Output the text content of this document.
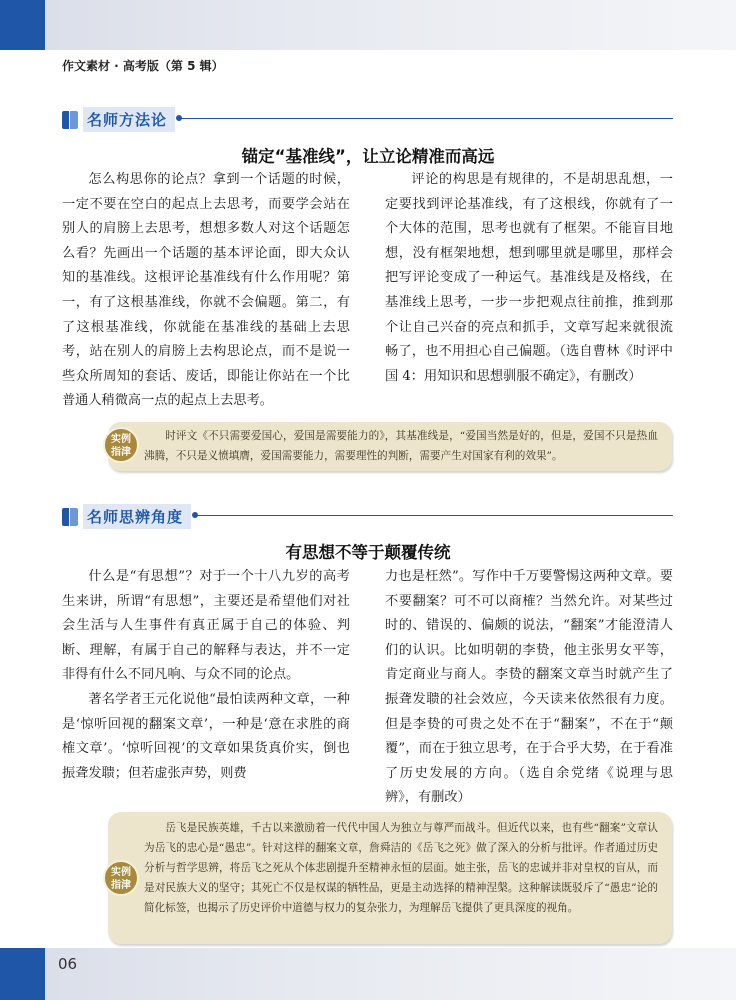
作文素材 · 高考版（第 5 辑）
名师方法论
锚定“基准线”，让立论精准而高远

怎么构思你的论点？拿到一个话题的时候，一定不要在空白的起点上去思考，而要学会站在别人的肩膀上去思考，想想多数人对这个话题怎么看？先画出一个话题的基本评论面，即大众认知的基准线。这根评论基准线有什么作用呢？第一，有了这根基准线，你就不会偏题。第二，有了这根基准线，你就能在基准线的基础上去思考，站在别人的肩膀上去构思论点，而不是说一些众所周知的套话、废话，即能让你站在一个比普通人稍微高一点的起点上去思考。

评论的构思是有规律的，不是胡思乱想，一定要找到评论基准线，有了这根线，你就有了一个大体的范围，思考也就有了框架。不能盲目地想，没有框架地想，想到哪里就是哪里，那样会把写评论变成了一种运气。基准线是及格线，在基准线上思考，一步一步把观点往前推，推到那个让自己兴奋的亮点和抓手，文章写起来就很流畅了，也不用担心自己偏题。（选自曹林《时评中国 4：用知识和思想驯服不确定》，有删改）

时评文《不只需要爱国心，爱国是需要能力的》，其基准线是，“爱国当然是好的，但是，爱国不只是热血沸腾，不只是义愤填膺，爱国需要能力，需要理性的判断，需要产生对国家有利的效果”。

实例
指津
名师思辨角度
有思想不等于颠覆传统

什么是“有思想”？对于一个十八九岁的高考生来讲，所谓“有思想”，主要还是希望他们对社会生活与人生事件有真正属于自己的体验、判断、理解，有属于自己的解释与表达，并不一定非得有什么不同凡响、与众不同的论点。

著名学者王元化说他“最怕读两种文章，一种是‘惊听回视的翻案文章’，一种是‘意在求胜的商榷文章’。‘惊听回视’的文章如果货真价实，倒也振聋发聩；但若虚张声势，则费

力也是枉然”。写作中千万要警惕这两种文章。要不要翻案？可不可以商榷？当然允许。对某些过时的、错误的、偏颇的说法，“翻案”才能澄清人们的认识。比如明朝的李贽，他主张男女平等，肯定商业与商人。李贽的翻案文章当时就产生了振聋发聩的社会效应，今天读来依然很有力度。但是李贽的可贵之处不在于“翻案”，不在于“颠覆”，而在于独立思考，在于合乎大势，在于看准了历史发展的方向。（选自余党绪《说理与思辨》，有删改）

岳飞是民族英雄，千古以来激励着一代代中国人为独立与尊严而战斗。但近代以来，也有些“翻案”文章认为岳飞的忠心是“愚忠”。针对这样的翻案文章，詹舜洁的《岳飞之死》做了深入的分析与批评。作者通过历史分析与哲学思辨，将岳飞之死从个体悲剧提升至精神永恒的层面。她主张，岳飞的忠诚并非对皇权的盲从，而是对民族大义的坚守；其死亡不仅是权谋的牺牲品，更是主动选择的精神涅槃。这种解读既驳斥了“愚忠”论的简化标签，也揭示了历史评价中道德与权力的复杂张力，为理解岳飞提供了更具深度的视角。

实例
指津
06
